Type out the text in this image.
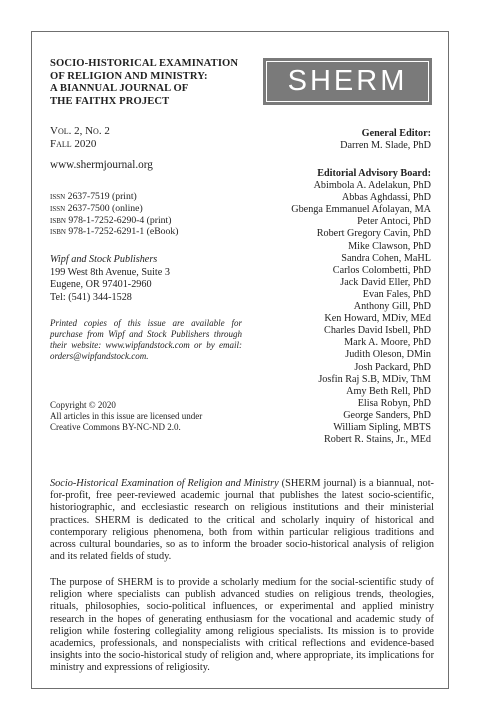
SOCIO-HISTORICAL EXAMINATION
OF RELIGION AND MINISTRY:
A BIANNUAL JOURNAL OF
THE FAITHX PROJECT
SHERM
Vol. 2, No. 2
Fall 2020
www.shermjournal.org
issn 2637-7519 (print)
issn 2637-7500 (online)
isbn 978-1-7252-6290-4 (print)
isbn 978-1-7252-6291-1 (eBook)
Wipf and Stock Publishers
199 West 8th Avenue, Suite 3
Eugene, OR 97401-2960
Tel: (541) 344-1528
Printed copies of this issue are available for purchase from Wipf and Stock Publishers through their website: www.wipfandstock.com or by email: orders@wipfandstock.com.
Copyright © 2020
All articles in this issue are licensed under
Creative Commons BY-NC-ND 2.0.
General Editor:
Darren M. Slade, PhD
Editorial Advisory Board:
Abimbola A. Adelakun, PhD
Abbas Aghdassi, PhD
Gbenga Emmanuel Afolayan, MA
Peter Antoci, PhD
Robert Gregory Cavin, PhD
Mike Clawson, PhD
Sandra Cohen, MaHL
Carlos Colombetti, PhD
Jack David Eller, PhD
Evan Fales, PhD
Anthony Gill, PhD
Ken Howard, MDiv, MEd
Charles David Isbell, PhD
Mark A. Moore, PhD
Judith Oleson, DMin
Josh Packard, PhD
Josfin Raj S.B, MDiv, ThM
Amy Beth Rell, PhD
Elisa Robyn, PhD
George Sanders, PhD
William Sipling, MBTS
Robert R. Stains, Jr., MEd

Socio-Historical Examination of Religion and Ministry (SHERM journal) is a biannual, not-for-profit, free peer-reviewed academic journal that publishes the latest socio-scientific, historiographic, and ecclesiastic research on religious institutions and their ministerial practices. SHERM is dedicated to the critical and scholarly inquiry of historical and contemporary religious phenomena, both from within particular religious traditions and across cultural boundaries, so as to inform the broader socio-historical analysis of religion and its related fields of study.

The purpose of SHERM is to provide a scholarly medium for the social-scientific study of religion where specialists can publish advanced studies on religious trends, theologies, rituals, philosophies, socio-political influences, or experimental and applied ministry research in the hopes of generating enthusiasm for the vocational and academic study of religion while fostering collegiality among religious specialists. Its mission is to provide academics, professionals, and nonspecialists with critical reflections and evidence-based insights into the socio-historical study of religion and, where appropriate, its implications for ministry and expressions of religiosity.
